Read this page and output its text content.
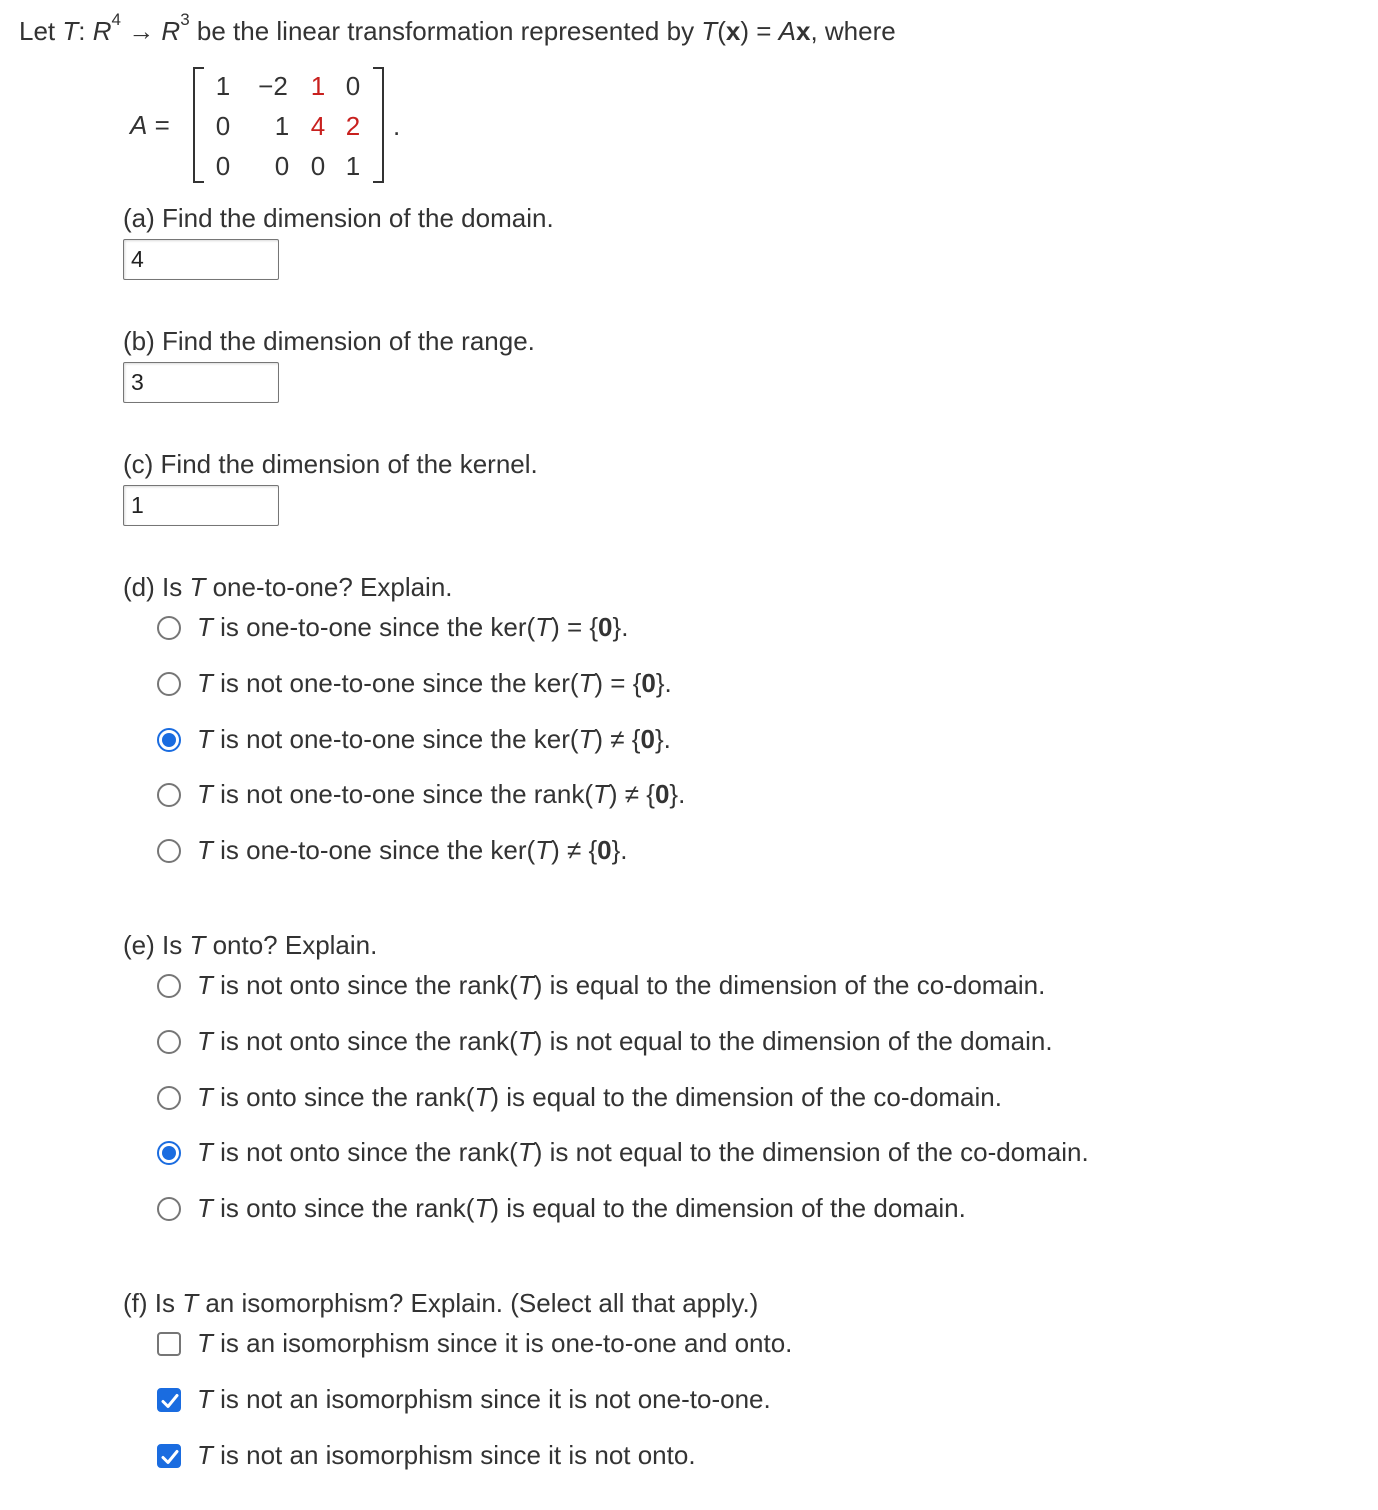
Let T: $R^4 \to R^3$ be the linear transformation represented by T(x) = Ax, where
A =
1 −2 1 0
0 1 4 2
0 0 0 1
.
(a) Find the dimension of the domain.
4
(b) Find the dimension of the range.
3
(c) Find the dimension of the kernel.
1
(d) Is T one-to-one? Explain.
T is one-to-one since the ker(T) = {0}.
T is not one-to-one since the ker(T) = {0}.
T is not one-to-one since the ker(T) ≠ {0}.
T is not one-to-one since the rank(T) ≠ {0}.
T is one-to-one since the ker(T) ≠ {0}.
(e) Is T onto? Explain.
T is not onto since the rank(T) is equal to the dimension of the co-domain.
T is not onto since the rank(T) is not equal to the dimension of the domain.
T is onto since the rank(T) is equal to the dimension of the co-domain.
T is not onto since the rank(T) is not equal to the dimension of the co-domain.
T is onto since the rank(T) is equal to the dimension of the domain.
(f) Is T an isomorphism? Explain. (Select all that apply.)
T is an isomorphism since it is one-to-one and onto.
T is not an isomorphism since it is not one-to-one.
T is not an isomorphism since it is not onto.
